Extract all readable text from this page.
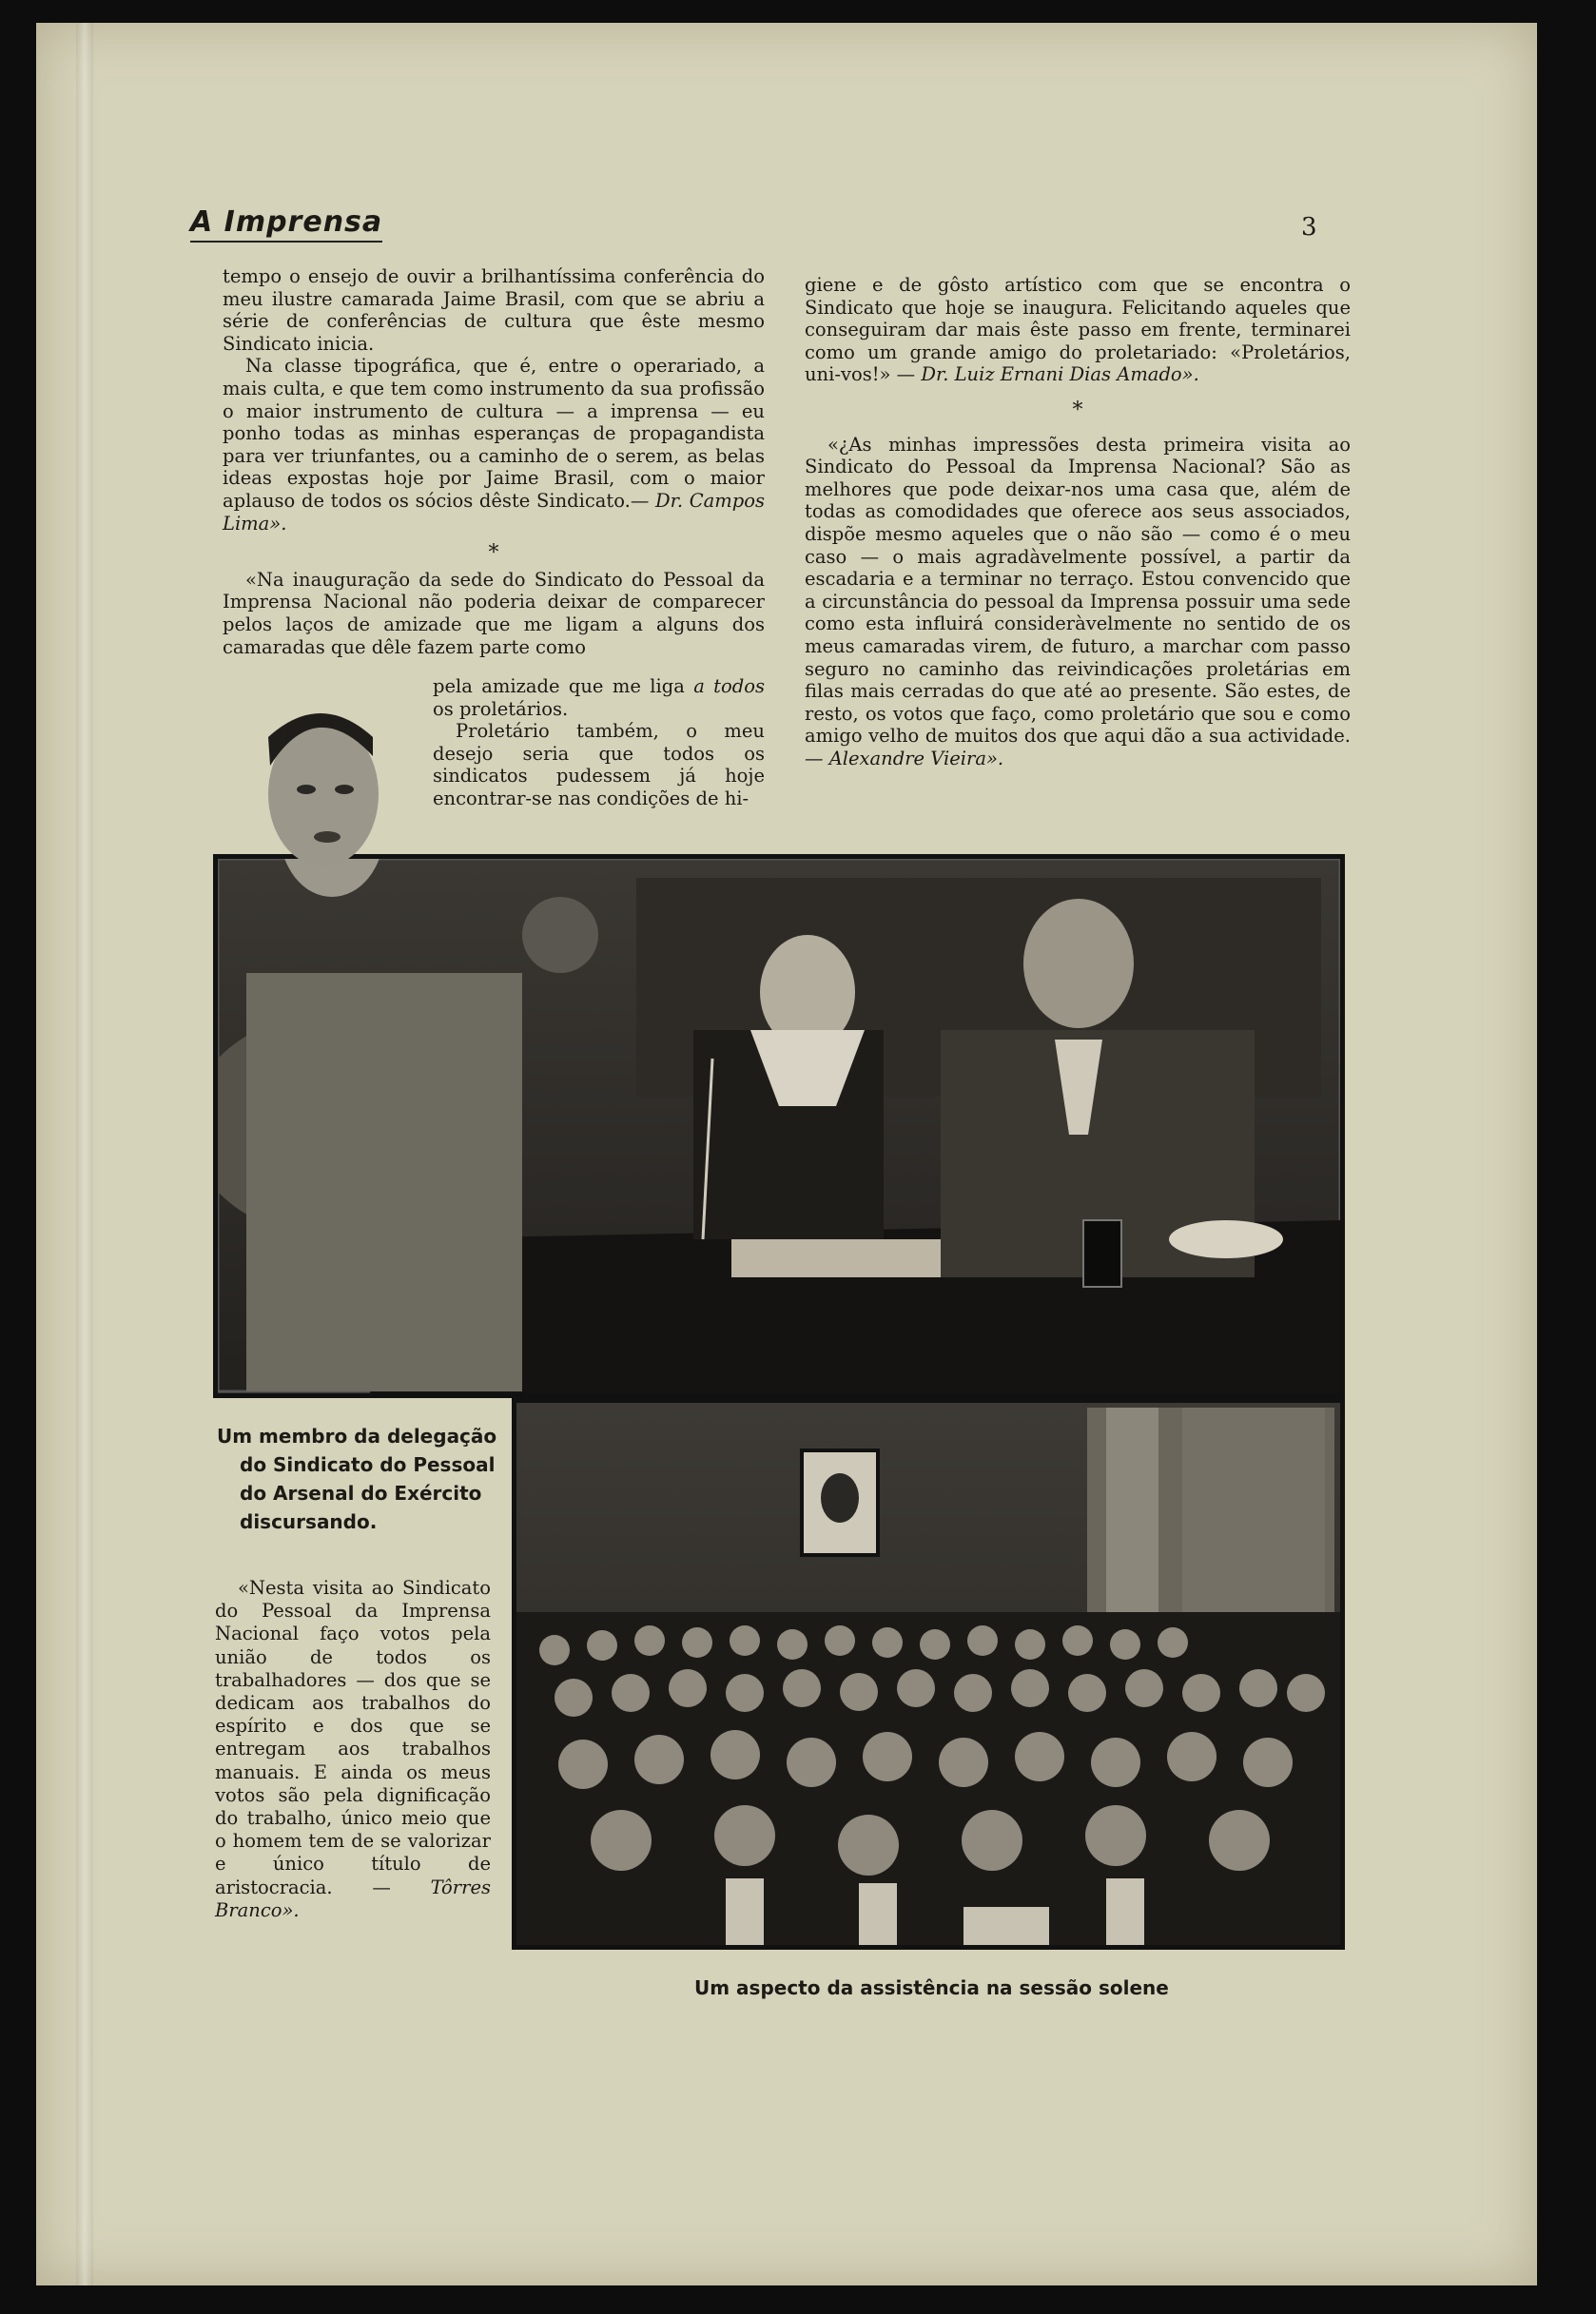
A Imprensa	3

tempo o ensejo de ouvir a brilhantíssima conferência do meu ilustre camarada Jaime Brasil, com que se abriu a série de conferências de cultura que êste mesmo Sindicato inicia.

Na classe tipográfica, que é, entre o operariado, a mais culta, e que tem como instrumento da sua profissão o maior instrumento de cultura — a imprensa — eu ponho todas as minhas esperanças de propagandista para ver triunfantes, ou a caminho de o serem, as belas ideas expostas hoje por Jaime Brasil, com o maior aplauso de todos os sócios dêste Sindicato.— Dr. Campos Lima».

*

«Na inauguração da sede do Sindicato do Pessoal da Imprensa Nacional não poderia deixar de comparecer pelos laços de amizade que me ligam a alguns dos camaradas que dêle fazem parte como

pela amizade que me liga a todos os proletários.

Proletário também, o meu desejo seria que todos os sindicatos pudessem já hoje encontrar-se nas condições de hi-

giene e de gôsto artístico com que se encontra o Sindicato que hoje se inaugura. Felicitando aqueles que conseguiram dar mais êste passo em frente, terminarei como um grande amigo do proletariado: «Proletários, uni-vos!» — Dr. Luiz Ernani Dias Amado».

*

«¿As minhas impressões desta primeira visita ao Sindicato do Pessoal da Imprensa Nacional? São as melhores que pode deixar-nos uma casa que, além de todas as comodidades que oferece aos seus associados, dispõe mesmo aqueles que o não são — como é o meu caso — o mais agradàvelmente possível, a partir da escadaria e a terminar no terraço. Estou convencido que a circunstância do pessoal da Imprensa possuir uma sede como esta influirá consideràvelmente no sentido de os meus camaradas virem, de futuro, a marchar com passo seguro no caminho das reivindicações proletárias em filas mais cerradas do que até ao presente. São estes, de resto, os votos que faço, como proletário que sou e como amigo velho de muitos dos que aqui dão a sua actividade.— Alexandre Vieira».

Um membro da delegação do Sindicato do Pessoal do Arsenal do Exército discursando.

«Nesta visita ao Sindicato do Pessoal da Imprensa Nacional faço votos pela união de todos os trabalhadores — dos que se dedicam aos trabalhos do espírito e dos que se entregam aos trabalhos manuais. E ainda os meus votos são pela dignificação do trabalho, único meio que o homem tem de se valorizar e único título de aristocracia. — Tôrres Branco».

Um aspecto da assistência na sessão solene
